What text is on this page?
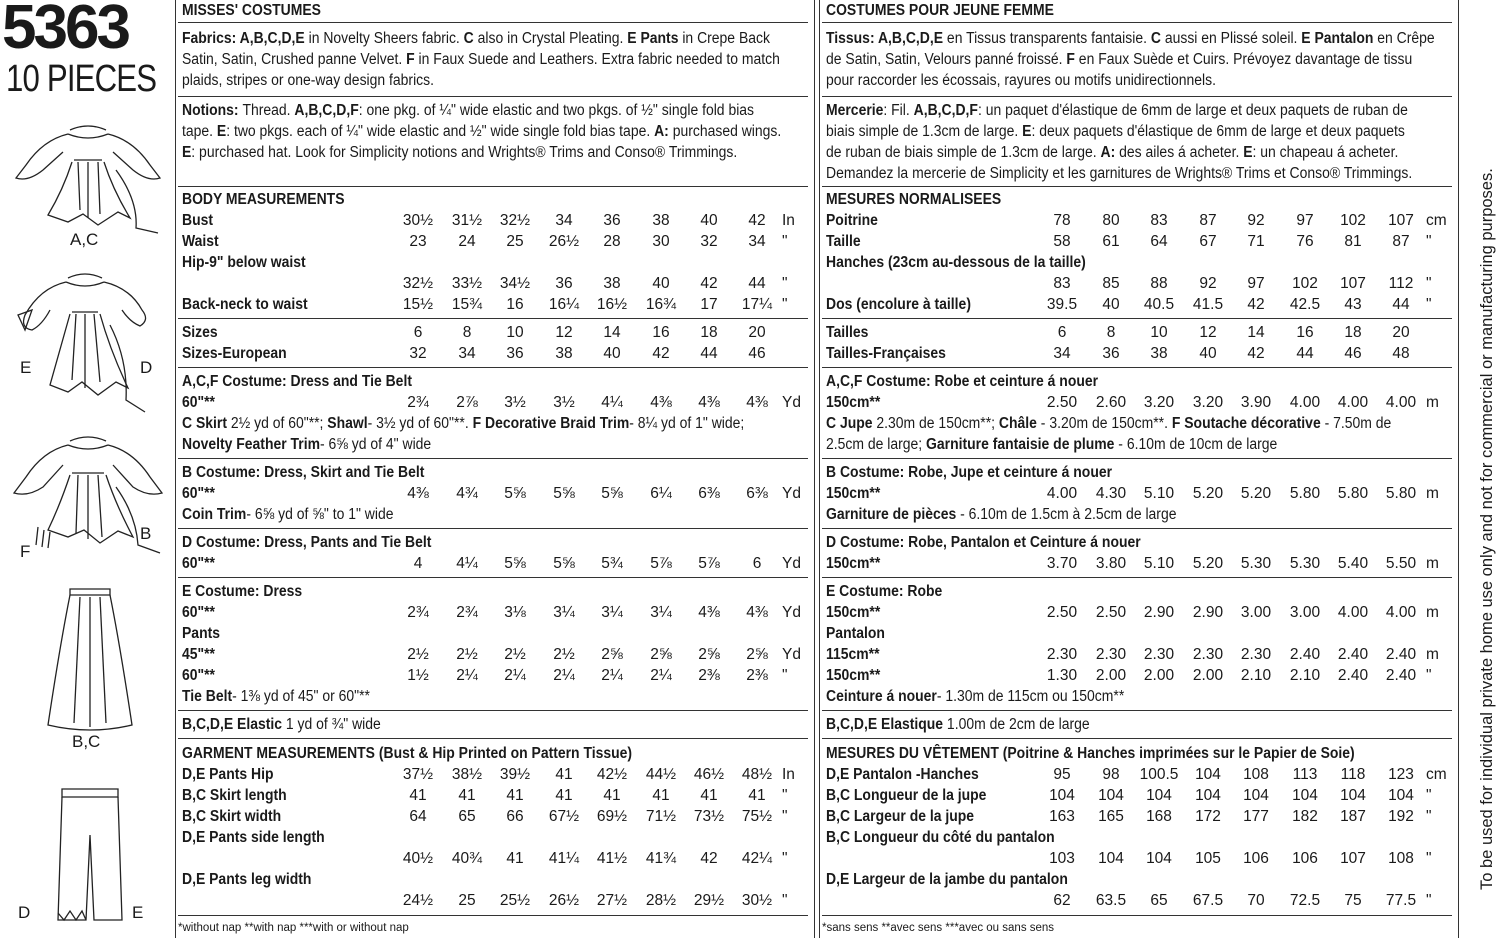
5363
10 PIECES
A,C
E	D
F
B
B,C
D	E
MISSES' COSTUMES
Fabrics: A,B,C,D,E in Novelty Sheers fabric. C also in Crystal Pleating. E Pants in Crepe Back
Satin, Satin, Crushed panne Velvet. F in Faux Suede and Leathers. Extra fabric needed to match
plaids, stripes or one-way design fabrics.
Notions: Thread. A,B,C,D,F: one pkg. of ¼" wide elastic and two pkgs. of ½" single fold bias
tape. E: two pkgs. each of ¼" wide elastic and ½" wide single fold bias tape. A: purchased wings.
E: purchased hat. Look for Simplicity notions and Wrights® Trims and Conso® Trimmings.
BODY MEASUREMENTS
Bust	30½	31½	32½	34	36	38	40	42	In
Waist	23	24	25	26½	28	30	32	34	"
Hip-9" below waist
32½	33½	34½	36	38	40	42	44	"
Back-neck to waist	15½	15¾	16	16¼	16½	16¾	17	17¼ "
Sizes	6	8	10	12	14	16	18	20
Sizes-European	32	34	36	38	40	42	44	46
A,C,F Costume: Dress and Tie Belt
60"**	2¾	2⅞	3½	3½	4¼	4⅜	4⅜	4⅜ Yd
C Skirt 2½ yd of 60"**; Shawl- 3½ yd of 60"**. F Decorative Braid Trim- 8¼ yd of 1" wide;
Novelty Feather Trim- 6⅝ yd of 4" wide
B Costume: Dress, Skirt and Tie Belt
60"**	4⅜	4¾	5⅝	5⅝	5⅝	6¼	6⅜	6⅜ Yd
Coin Trim- 6⅝ yd of ⅝" to 1" wide
D Costume: Dress, Pants and Tie Belt
60"**	4	4¼	5⅝	5⅝	5¾	5⅞	5⅞	6	Yd
E Costume: Dress
60"**	2¾	2¾	3⅛	3¼	3¼	3¼	4⅜	4⅜ Yd
Pants
45"**	2½	2½	2½	2½	2⅝	2⅝	2⅝	2⅝ Yd
60"**	1½	2¼	2¼	2¼	2¼	2¼	2⅜	2⅜ "
Tie Belt- 1⅜ yd of 45" or 60"**
B,C,D,E Elastic 1 yd of ¾" wide
GARMENT MEASUREMENTS (Bust & Hip Printed on Pattern Tissue)
D,E Pants Hip	37½	38½	39½	41	42½	44½	46½	48½ In
B,C Skirt length	41	41	41	41	41	41	41	41	"
B,C Skirt width	64	65	66	67½	69½	71½	73½	75½ "
D,E Pants side length
40½	40¾	41	41¼	41½	41¾	42	42¼ "
D,E Pants leg width
24½	25	25½	26½	27½	28½	29½	30½ "
*without nap **with nap ***with or without nap
COSTUMES POUR JEUNE FEMME
Tissus: A,B,C,D,E en Tissus transparents fantaisie. C aussi en Plissé soleil. E Pantalon en Crêpe
de Satin, Satin, Velours panné froissé. F en Faux Suède et Cuirs. Prévoyez davantage de tissu
pour raccorder les écossais, rayures ou motifs unidirectionnels.
Mercerie: Fil. A,B,C,D,F: un paquet d'élastique de 6mm de large et deux paquets de ruban de
biais simple de 1.3cm de large. E: deux paquets d'élastique de 6mm de large et deux paquets
de ruban de biais simple de 1.3cm de large. A: des ailes á acheter. E: un chapeau á acheter.
Demandez la mercerie de Simplicity et les garnitures de Wrights® Trims et Conso® Trimmings.
MESURES NORMALISEES
Poitrine	78	80	83	87	92	97	102	107 cm
Taille	58	61	64	67	71	76	81	87	"
Hanches (23cm au-dessous de la taille)
83	85	88	92	97	102	107	112 "
Dos (encolure à taille)	39.5	40	40.5	41.5	42	42.5	43	44	"
Tailles	6	8	10	12	14	16	18	20
Tailles-Françaises	34	36	38	40	42	44	46	48
A,C,F Costume: Robe et ceinture á nouer
150cm**	2.50	2.60	3.20	3.20	3.90	4.00	4.00	4.00 m
C Jupe 2.30m de 150cm**; Châle - 3.20m de 150cm**. F Soutache décorative - 7.50m de
2.5cm de large; Garniture fantaisie de plume - 6.10m de 10cm de large
B Costume: Robe, Jupe et ceinture á nouer
150cm**	4.00	4.30	5.10	5.20	5.20	5.80	5.80	5.80 m
Garniture de pièces - 6.10m de 1.5cm à 2.5cm de large
D Costume: Robe, Pantalon et Ceinture á nouer
150cm**	3.70	3.80	5.10	5.20	5.30	5.30	5.40	5.50 m
E Costume: Robe
150cm**	2.50	2.50	2.90	2.90	3.00	3.00	4.00	4.00 m
Pantalon
115cm**	2.30	2.30	2.30	2.30	2.30	2.40	2.40	2.40 m
150cm**	1.30	2.00	2.00	2.00	2.10	2.10	2.40	2.40 "
Ceinture á nouer- 1.30m de 115cm ou 150cm**
B,C,D,E Elastique 1.00m de 2cm de large
MESURES DU VÊTEMENT (Poitrine & Hanches imprimées sur le Papier de Soie)
D,E Pantalon -Hanches	95	98	100.5	104	108	113	118	123 cm
B,C Longueur de la jupe	104	104	104	104	104	104	104	104 "
B,C Largeur de la jupe	163	165	168	172	177	182	187	192 "
B,C Longueur du côté du pantalon
103	104	104	105	106	106	107	108 "
D,E Largeur de la jambe du pantalon
62	63.5	65	67.5	70	72.5	75	77.5 "
*sans sens **avec sens ***avec ou sans sens
To be used for individual private home use only and not for commercial or manufacturing purposes.
